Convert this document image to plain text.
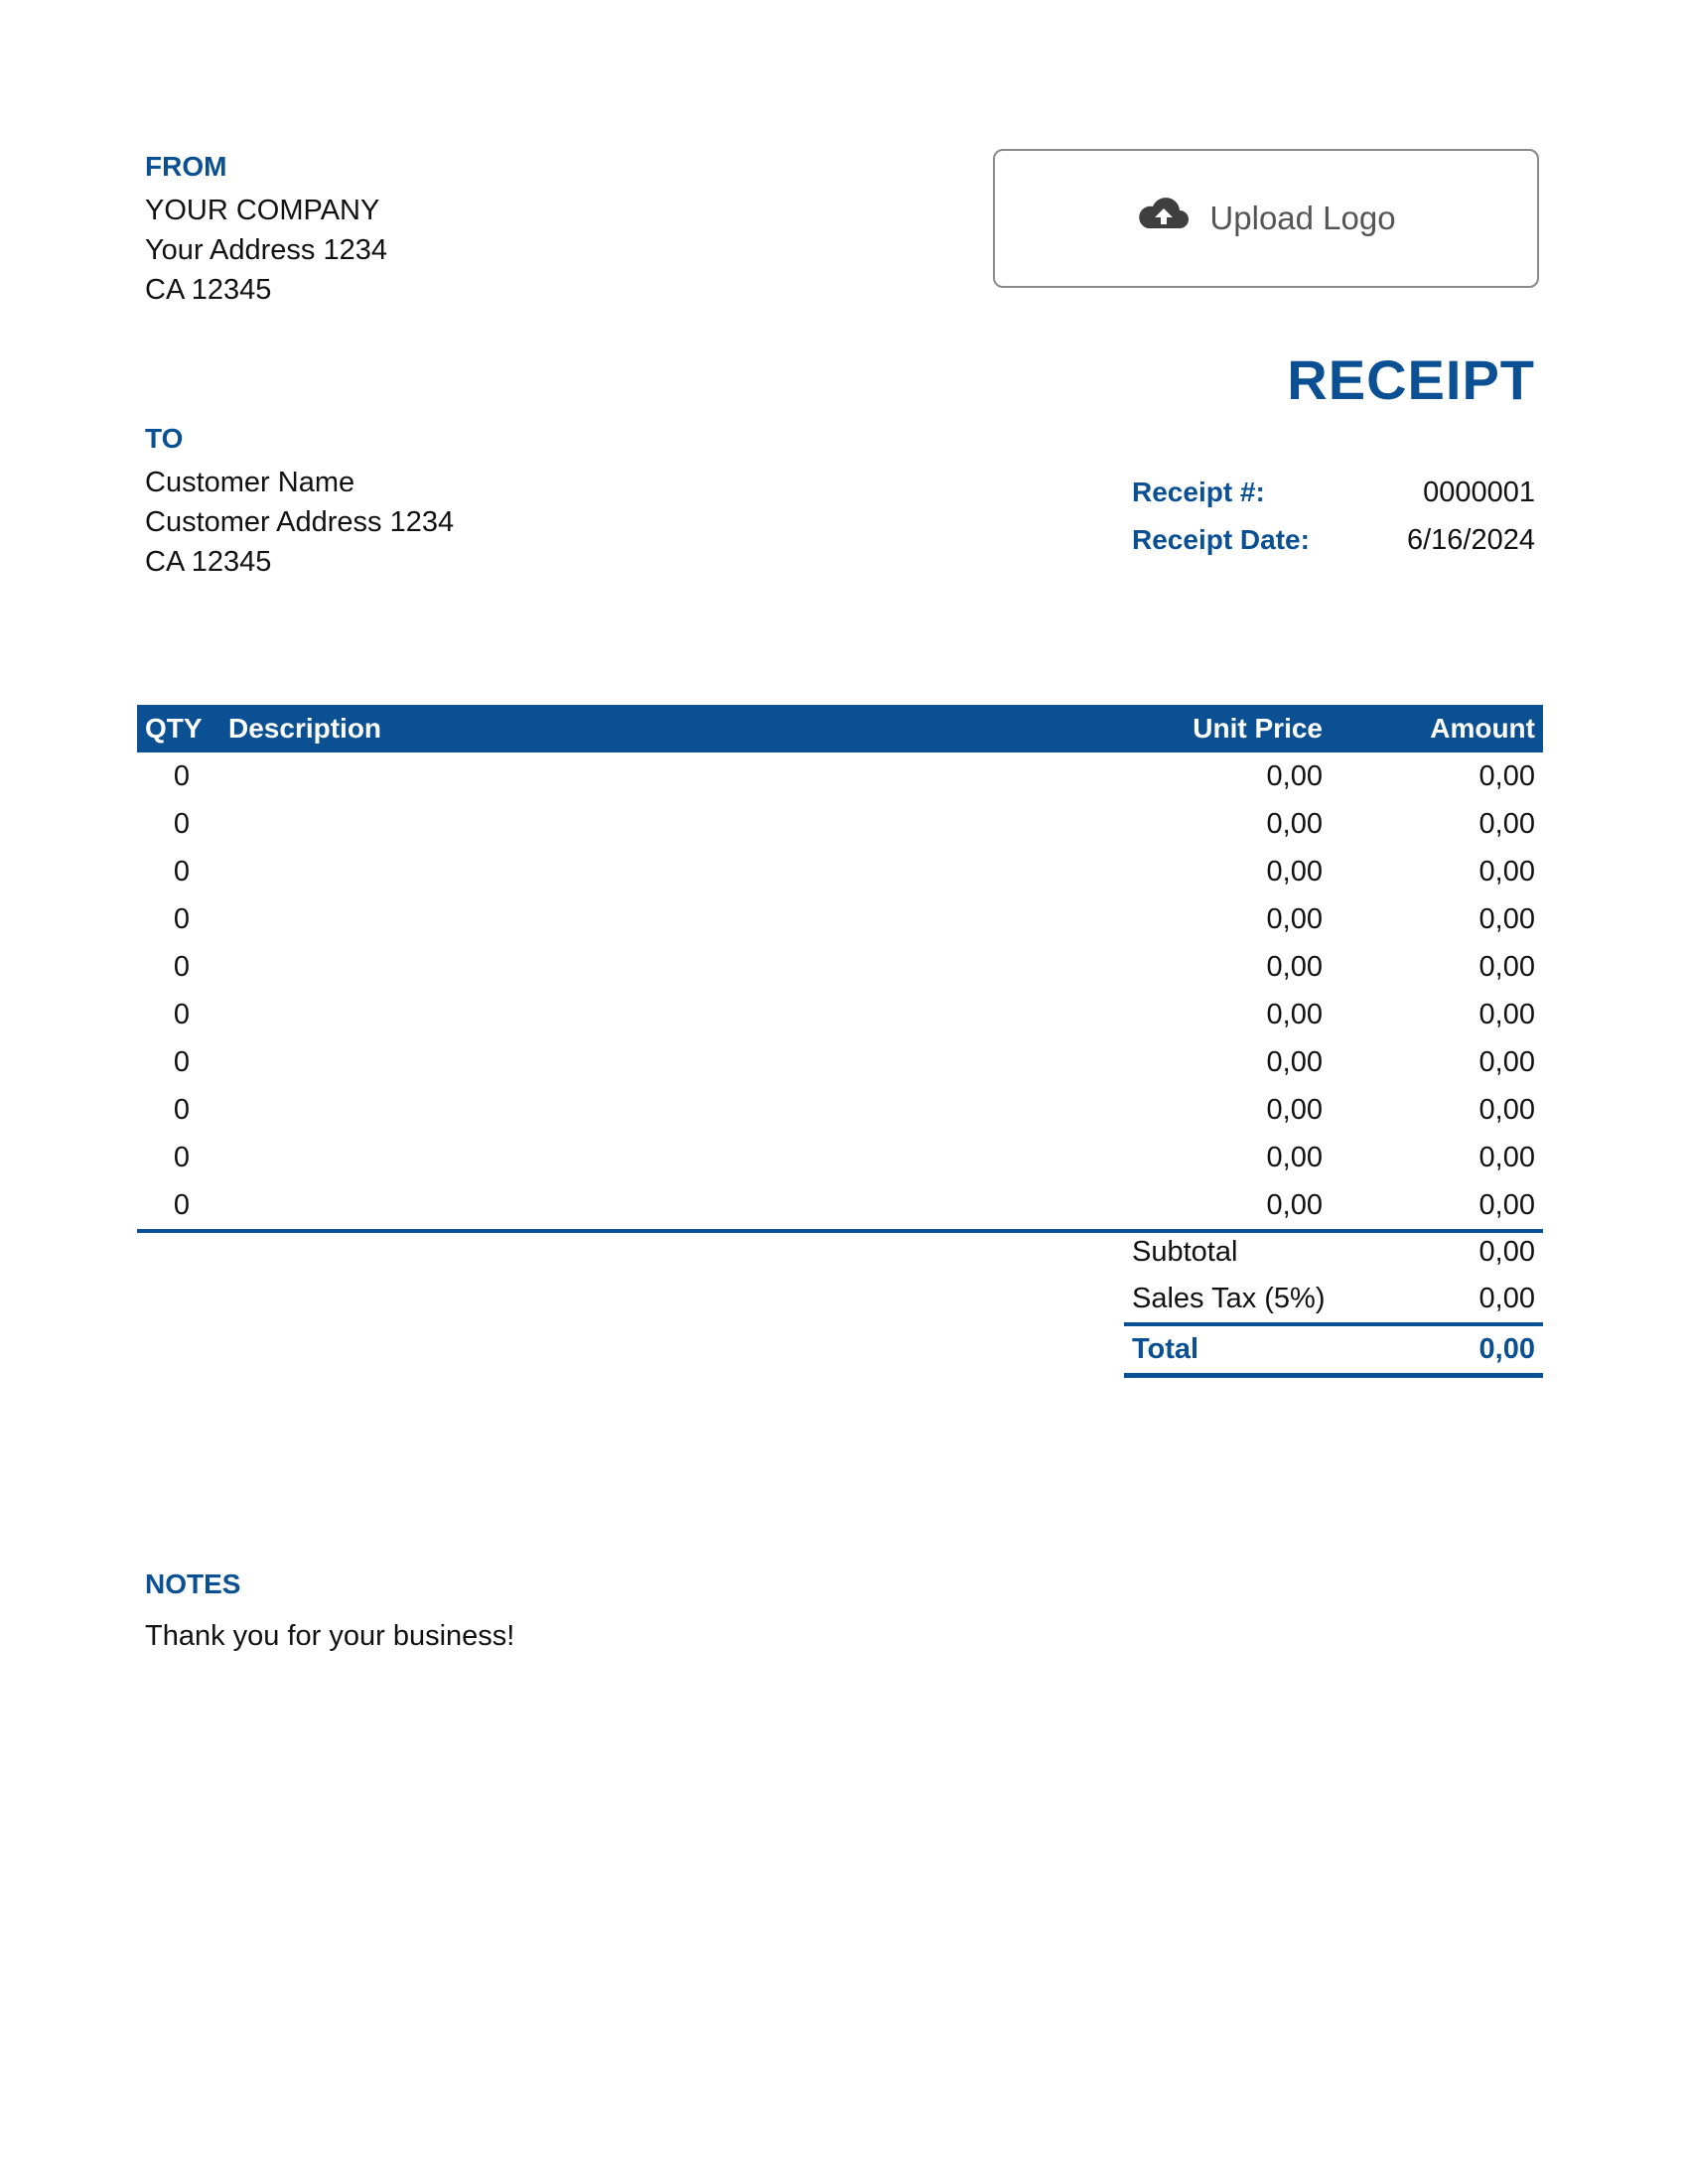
FROM
YOUR COMPANY
Your Address 1234
CA 12345
Upload Logo
RECEIPT
TO
Customer Name
Customer Address 1234
CA 12345
Receipt #:	0000001
Receipt Date:	6/16/2024
QTY Description	Unit Price	Amount
0	0,00	0,00
0	0,00	0,00
0	0,00	0,00
0	0,00	0,00
0	0,00	0,00
0	0,00	0,00
0	0,00	0,00
0	0,00	0,00
0	0,00	0,00
0	0,00	0,00
Subtotal	0,00
Sales Tax (5%)	0,00
Total	0,00
NOTES
Thank you for your business!
